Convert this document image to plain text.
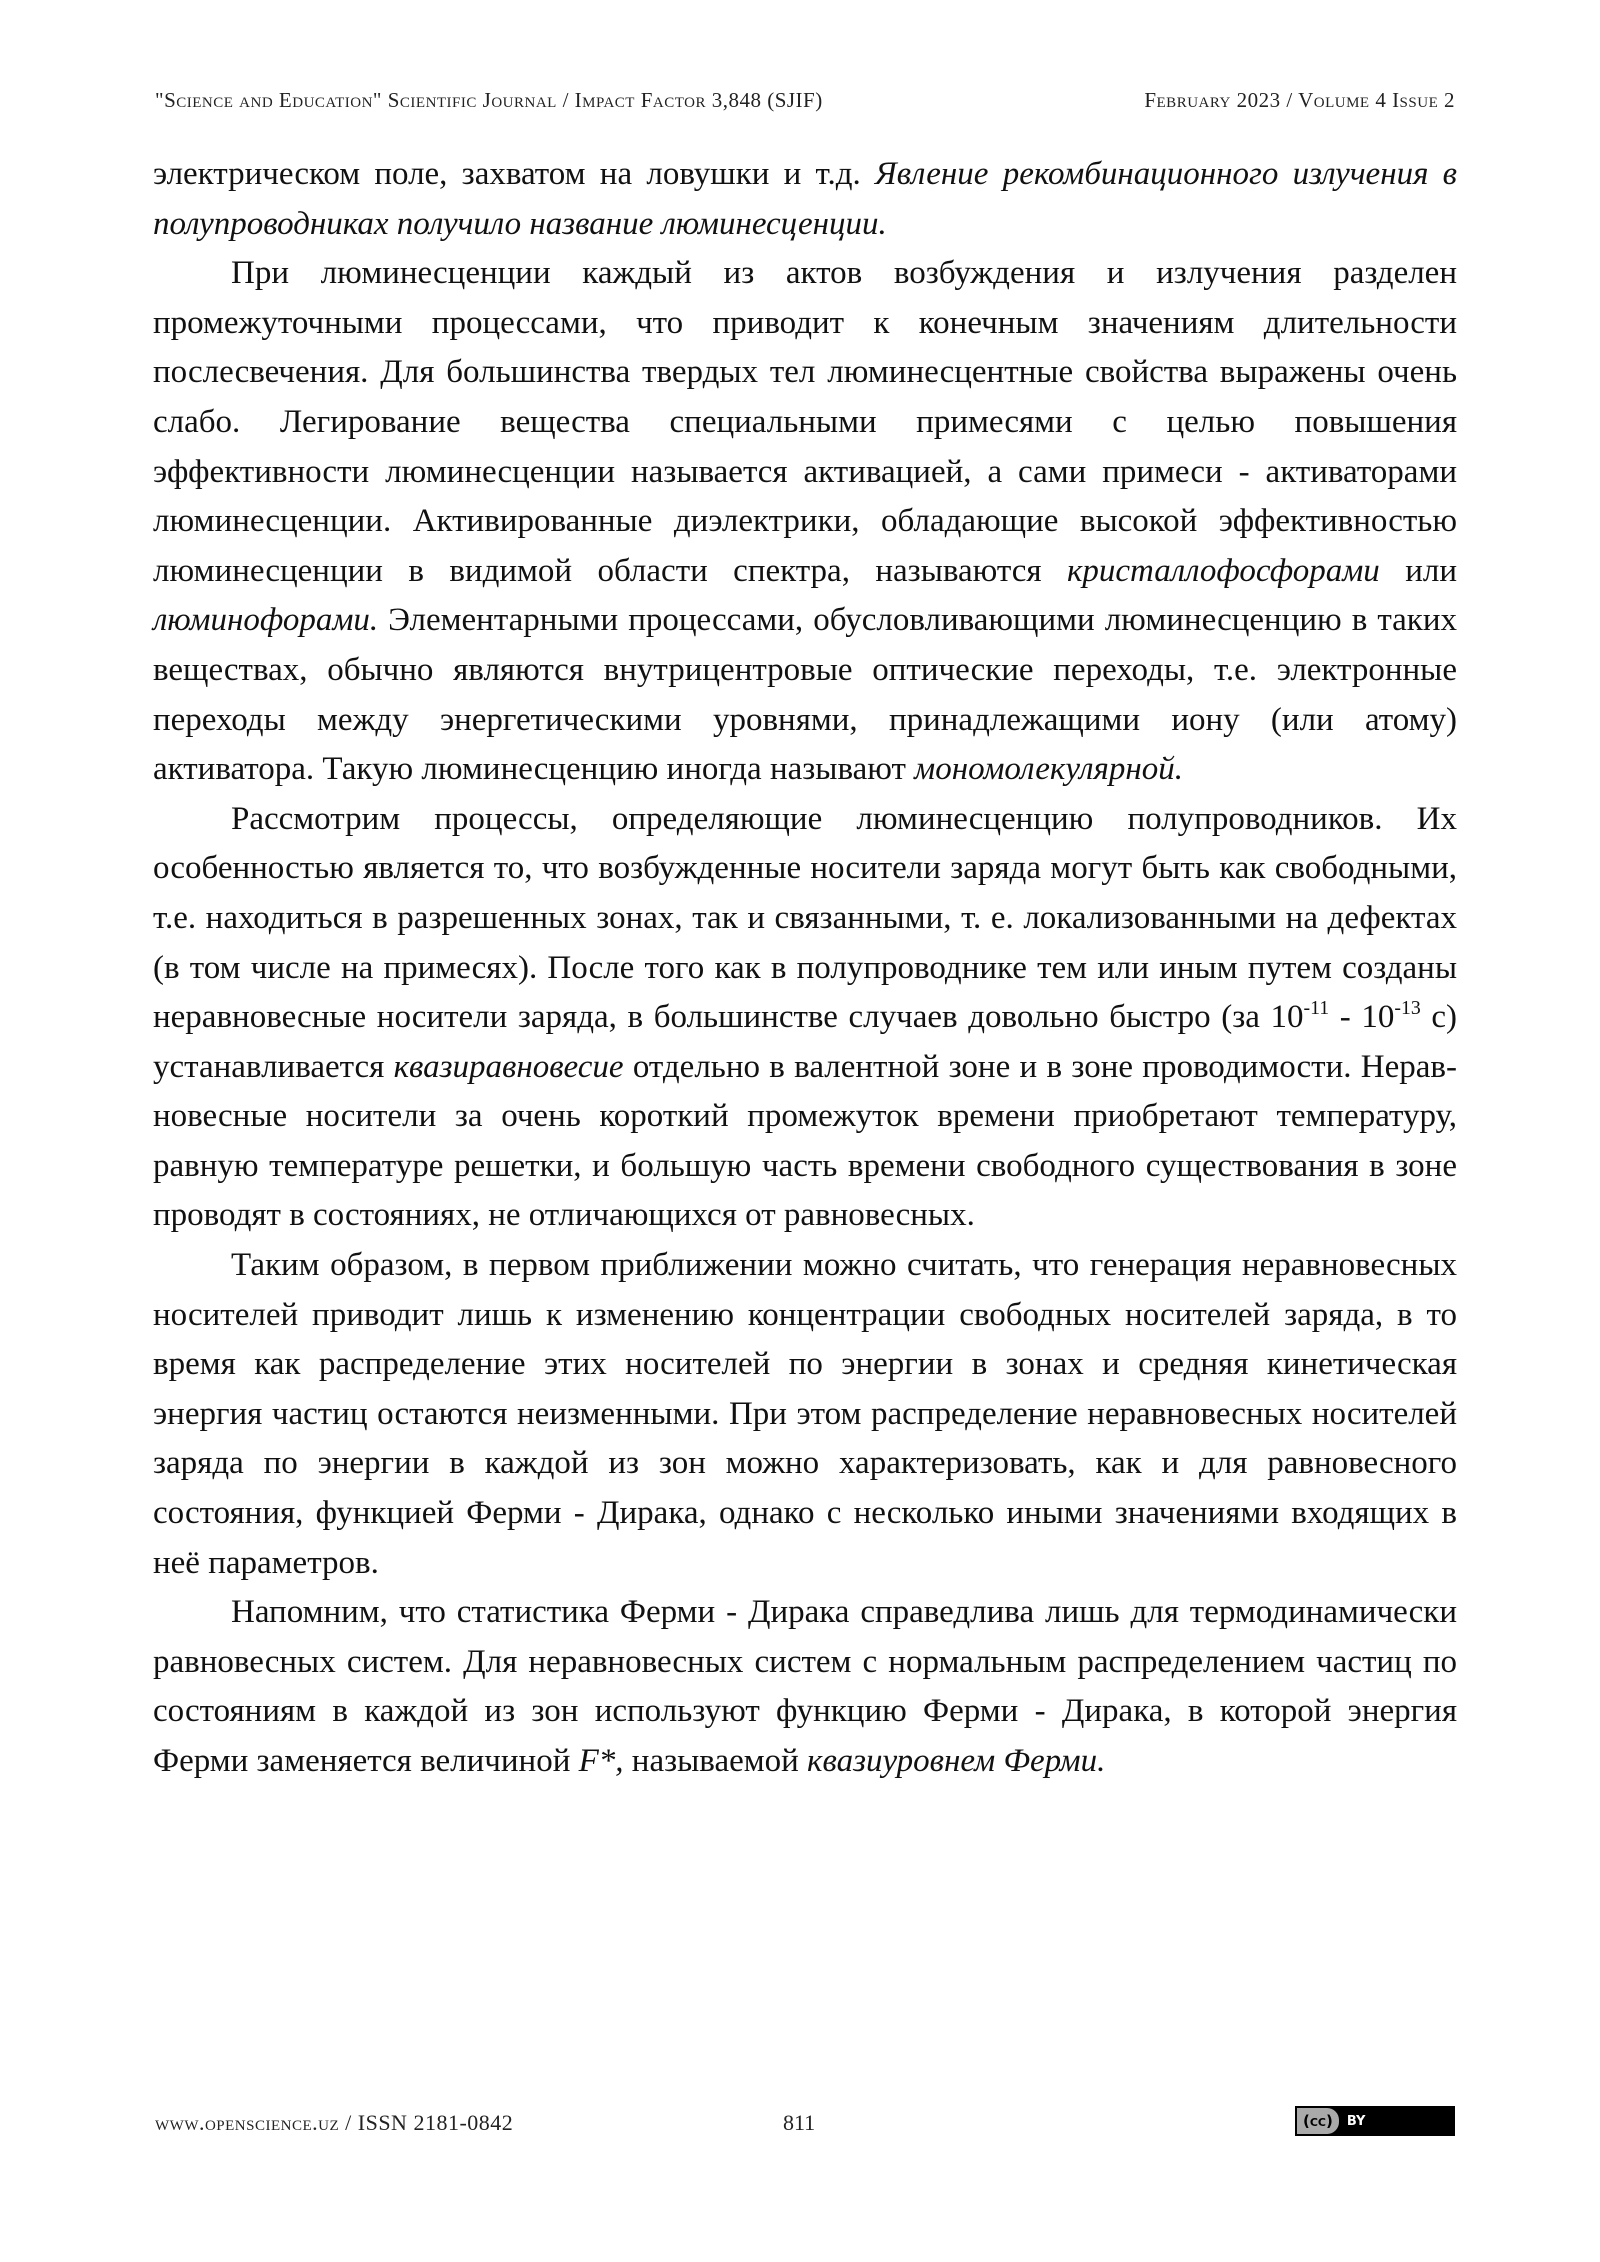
"Science and Education" Scientific Journal / Impact Factor 3,848 (SJIF)	February 2023 / Volume 4 Issue 2

электрическом поле, захватом на ловушки и т.д. Явление рекомбинационного излучения в полупроводниках получило название люминесценции.

При люминесценции каждый из актов возбуждения и излучения разделен промежуточными процессами, что приводит к конечным значениям длительности послесвечения. Для большинства твердых тел люминесцентные свойства выражены очень слабо. Легирование вещества специальными примесями с целью повышения эффективности люминесценции называется активацией, а сами примеси - активаторами люминесценции. Активированные диэлектрики, обладающие высокой эффективностью люминесценции в видимой области спектра, называются кристаллофосфорами или люминофорами. Элементарными процессами, обусловливающими люминесценцию в таких веществах, обычно являются внутрицентровые оптические переходы, т.е. электронные переходы между энергетическими уровнями, принадлежащими иону (или атому) активатора. Такую люминесценцию иногда называют мономолекулярной.

Рассмотрим процессы, определяющие люминесценцию полупроводников. Их особенностью является то, что возбужденные носители заряда могут быть как свободными, т.е. находиться в разрешенных зонах, так и связанными, т. е. локализованными на дефектах (в том числе на примесях). После того как в полупроводнике тем или иным путем созданы неравновесные носители заряда, в большинстве случаев довольно быстро (за $10^{-11} - 10^{-13}$ с) устанавливается квазиравновесие отдельно в валентной зоне и в зоне проводимости. Неравновесные носители за очень короткий промежуток времени приобретают температуру, равную температуре решетки, и большую часть времени свободного существования в зоне проводят в состояниях, не отличающихся от равновесных.

Таким образом, в первом приближении можно считать, что генерация неравновесных носителей приводит лишь к изменению концентрации свободных носителей заряда, в то время как распределение этих носителей по энергии в зонах и средняя кинетическая энергия частиц остаются неизменными. При этом распределение неравновесных носителей заряда по энергии в каждой из зон можно характеризовать, как и для равновесного состояния, функцией Ферми - Дирака, однако с несколько иными значениями входящих в неё параметров.

Напомним, что статистика Ферми - Дирака справедлива лишь для термодинамически равновесных систем. Для неравновесных систем с нормальным распределением частиц по состояниям в каждой из зон используют функцию Ферми - Дирака, в которой энергия Ферми заменяется величиной F*, называемой квазиуровнем Ферми.

www.openscience.uz / ISSN 2181-0842	811	(cc)	BY
